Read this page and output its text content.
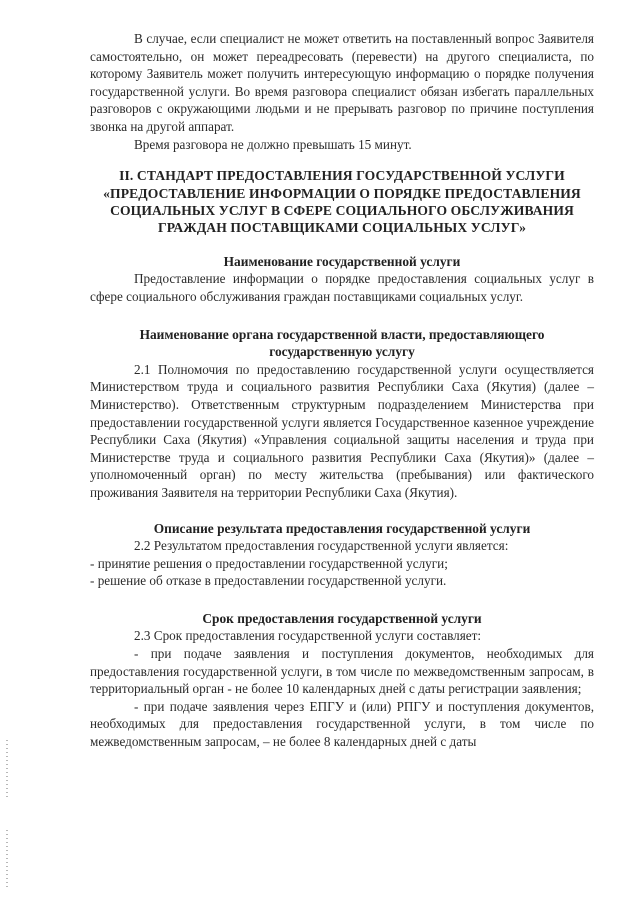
В случае, если специалист не может ответить на поставленный вопрос Заявителя самостоятельно, он может переадресовать (перевести) на другого специалиста, по которому Заявитель может получить интересующую информацию о порядке получения государственной услуги. Во время разговора специалист обязан избегать параллельных разговоров с окружающими людьми и не прерывать разговор по причине поступления звонка на другой аппарат.

Время разговора не должно превышать 15 минут.

II. СТАНДАРТ ПРЕДОСТАВЛЕНИЯ ГОСУДАРСТВЕННОЙ УСЛУГИ «ПРЕДОСТАВЛЕНИЕ ИНФОРМАЦИИ О ПОРЯДКЕ ПРЕДОСТАВЛЕНИЯ СОЦИАЛЬНЫХ УСЛУГ В СФЕРЕ СОЦИАЛЬНОГО ОБСЛУЖИВАНИЯ ГРАЖДАН ПОСТАВЩИКАМИ СОЦИАЛЬНЫХ УСЛУГ»
Наименование государственной услуги

Предоставление информации о порядке предоставления социальных услуг в сфере социального обслуживания граждан поставщиками социальных услуг.

Наименование органа государственной власти, предоставляющего государственную услугу

2.1 Полномочия по предоставлению государственной услуги осуществляется Министерством труда и социального развития Республики Саха (Якутия) (далее – Министерство). Ответственным структурным подразделением Министерства при предоставлении государственной услуги является Государственное казенное учреждение Республики Саха (Якутия) «Управления социальной защиты населения и труда при Министерстве труда и социального развития Республики Саха (Якутия)» (далее – уполномоченный орган) по месту жительства (пребывания) или фактического проживания Заявителя на территории Республики Саха (Якутия).

Описание результата предоставления государственной услуги

2.2 Результатом предоставления государственной услуги является:

- принятие решения о предоставлении государственной услуги;

- решение об отказе в предоставлении государственной услуги.

Срок предоставления государственной услуги

2.3 Срок предоставления государственной услуги составляет:

- при подаче заявления и поступления документов, необходимых для предоставления государственной услуги, в том числе по межведомственным запросам, в территориальный орган - не более 10 календарных дней с даты регистрации заявления;

- при подаче заявления через ЕПГУ и (или) РПГУ и поступления документов, необходимых для предоставления государственной услуги, в том числе по межведомственным запросам, – не более 8 календарных дней с даты
